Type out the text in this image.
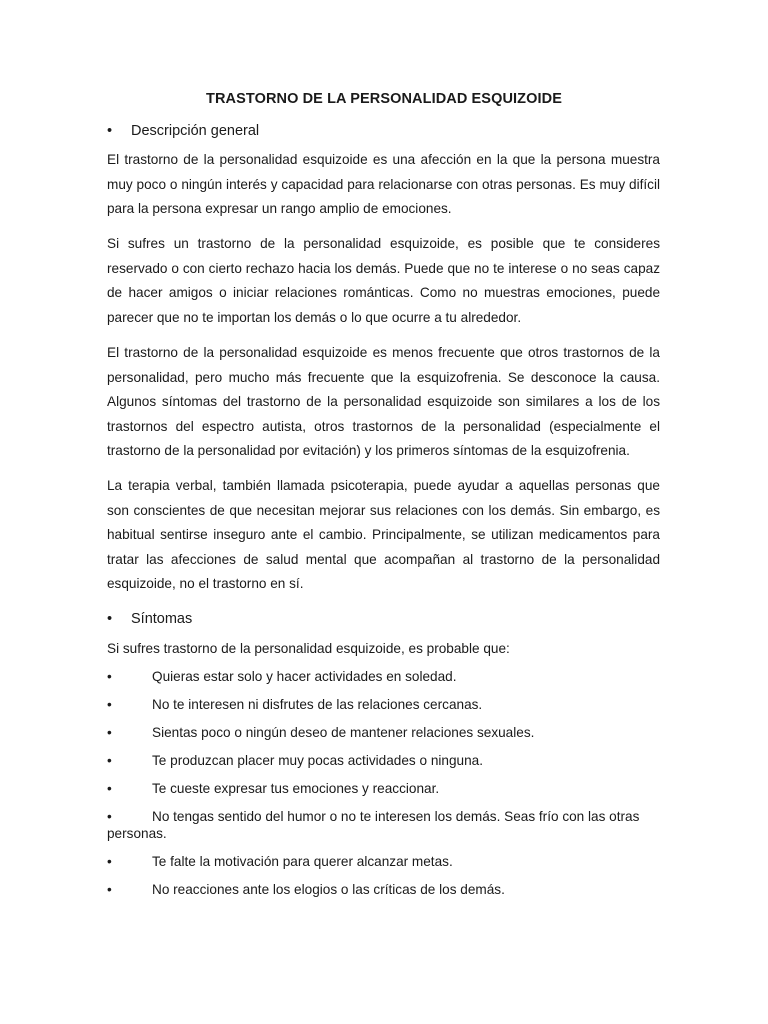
TRASTORNO DE LA PERSONALIDAD ESQUIZOIDE
• Descripción general
El trastorno de la personalidad esquizoide es una afección en la que la persona muestra muy poco o ningún interés y capacidad para relacionarse con otras personas. Es muy difícil para la persona expresar un rango amplio de emociones.
Si sufres un trastorno de la personalidad esquizoide, es posible que te consideres reservado o con cierto rechazo hacia los demás. Puede que no te interese o no seas capaz de hacer amigos o iniciar relaciones románticas. Como no muestras emociones, puede parecer que no te importan los demás o lo que ocurre a tu alrededor.
El trastorno de la personalidad esquizoide es menos frecuente que otros trastornos de la personalidad, pero mucho más frecuente que la esquizofrenia. Se desconoce la causa. Algunos síntomas del trastorno de la personalidad esquizoide son similares a los de los trastornos del espectro autista, otros trastornos de la personalidad (especialmente el trastorno de la personalidad por evitación) y los primeros síntomas de la esquizofrenia.
La terapia verbal, también llamada psicoterapia, puede ayudar a aquellas personas que son conscientes de que necesitan mejorar sus relaciones con los demás. Sin embargo, es habitual sentirse inseguro ante el cambio. Principalmente, se utilizan medicamentos para tratar las afecciones de salud mental que acompañan al trastorno de la personalidad esquizoide, no el trastorno en sí.
• Síntomas
Si sufres trastorno de la personalidad esquizoide, es probable que:
•	Quieras estar solo y hacer actividades en soledad.
•	No te interesen ni disfrutes de las relaciones cercanas.
•	Sientas poco o ningún deseo de mantener relaciones sexuales.
•	Te produzcan placer muy pocas actividades o ninguna.
•	Te cueste expresar tus emociones y reaccionar.
•	No tengas sentido del humor o no te interesen los demás. Seas frío con las otras personas.
•	Te falte la motivación para querer alcanzar metas.
•	No reacciones ante los elogios o las críticas de los demás.
